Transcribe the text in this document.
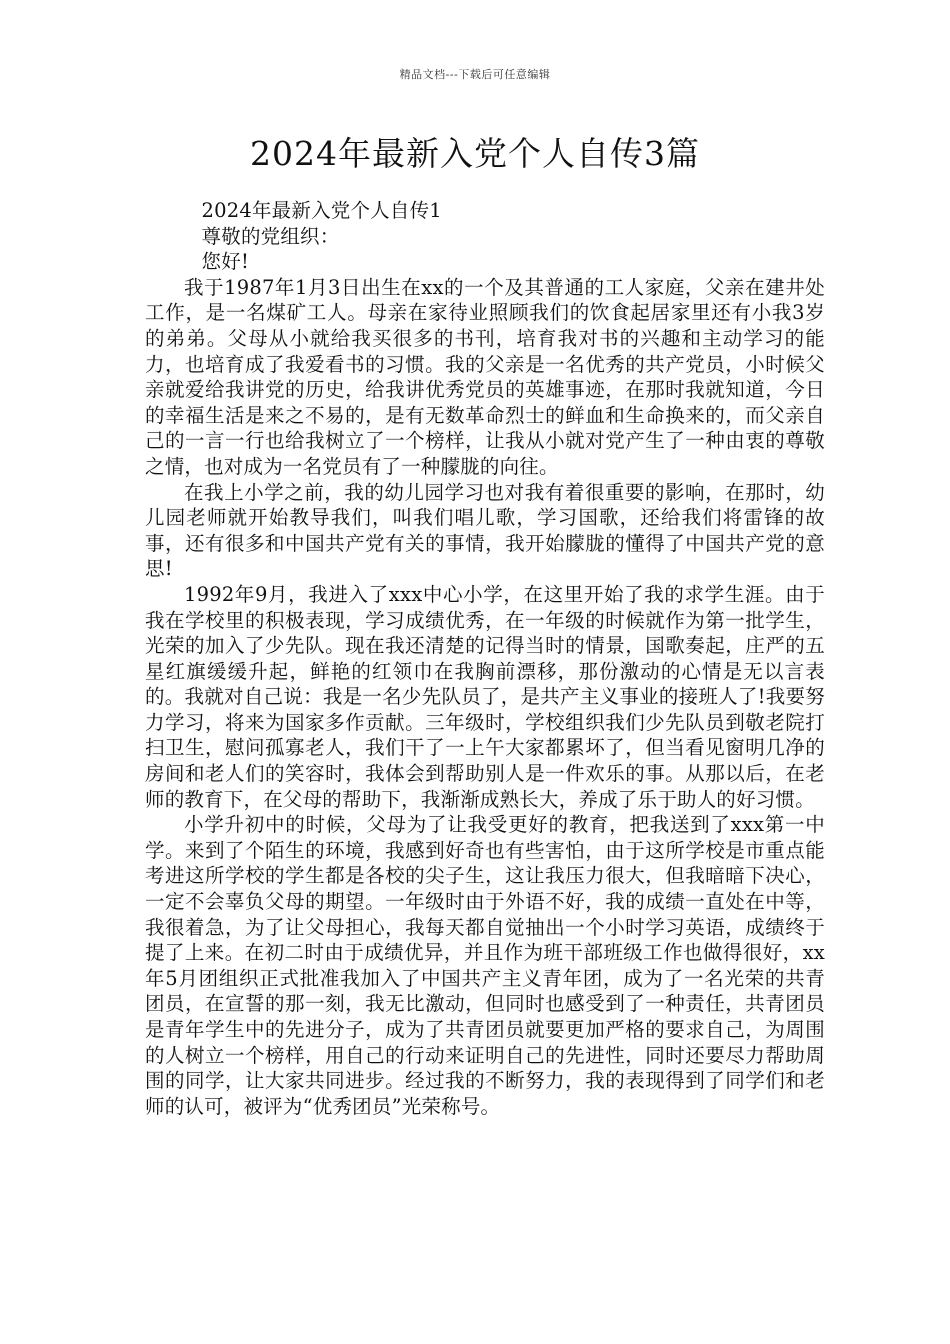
精品文档---下载后可任意编辑
2024年最新入党个人自传3篇

2024年最新入党个人自传1

尊敬的党组织：

您好!

我于1987年1月3日出生在xx的一个及其普通的工人家庭，父亲在建井处工作，是一名煤矿工人。母亲在家待业照顾我们的饮食起居家里还有小我3岁的弟弟。父母从小就给我买很多的书刊，培育我对书的兴趣和主动学习的能力，也培育成了我爱看书的习惯。我的父亲是一名优秀的共产党员，小时候父亲就爱给我讲党的历史，给我讲优秀党员的英雄事迹，在那时我就知道，今日的幸福生活是来之不易的，是有无数革命烈士的鲜血和生命换来的，而父亲自己的一言一行也给我树立了一个榜样，让我从小就对党产生了一种由衷的尊敬之情，也对成为一名党员有了一种朦胧的向往。

在我上小学之前，我的幼儿园学习也对我有着很重要的影响，在那时，幼儿园老师就开始教导我们，叫我们唱儿歌，学习国歌，还给我们将雷锋的故事，还有很多和中国共产党有关的事情，我开始朦胧的懂得了中国共产党的意思!

1992年9月，我进入了xxx中心小学，在这里开始了我的求学生涯。由于我在学校里的积极表现，学习成绩优秀，在一年级的时候就作为第一批学生，光荣的加入了少先队。现在我还清楚的记得当时的情景，国歌奏起，庄严的五星红旗缓缓升起，鲜艳的红领巾在我胸前漂移，那份激动的心情是无以言表的。我就对自己说：我是一名少先队员了，是共产主义事业的接班人了!我要努力学习，将来为国家多作贡献。三年级时，学校组织我们少先队员到敬老院打扫卫生，慰问孤寡老人，我们干了一上午大家都累坏了，但当看见窗明几净的房间和老人们的笑容时，我体会到帮助别人是一件欢乐的事。从那以后，在老师的教育下，在父母的帮助下，我渐渐成熟长大，养成了乐于助人的好习惯。

小学升初中的时候，父母为了让我受更好的教育，把我送到了xxx第一中学。来到了个陌生的环境，我感到好奇也有些害怕，由于这所学校是市重点能考进这所学校的学生都是各校的尖子生，这让我压力很大，但我暗暗下决心，一定不会辜负父母的期望。一年级时由于外语不好，我的成绩一直处在中等，我很着急，为了让父母担心，我每天都自觉抽出一个小时学习英语，成绩终于提了上来。在初二时由于成绩优异，并且作为班干部班级工作也做得很好，xx年5月团组织正式批准我加入了中国共产主义青年团，成为了一名光荣的共青团员，在宣誓的那一刻，我无比激动，但同时也感受到了一种责任，共青团员是青年学生中的先进分子，成为了共青团员就要更加严格的要求自己，为周围的人树立一个榜样，用自己的行动来证明自己的先进性，同时还要尽力帮助周围的同学，让大家共同进步。经过我的不断努力，我的表现得到了同学们和老师的认可，被评为“优秀团员”光荣称号。
